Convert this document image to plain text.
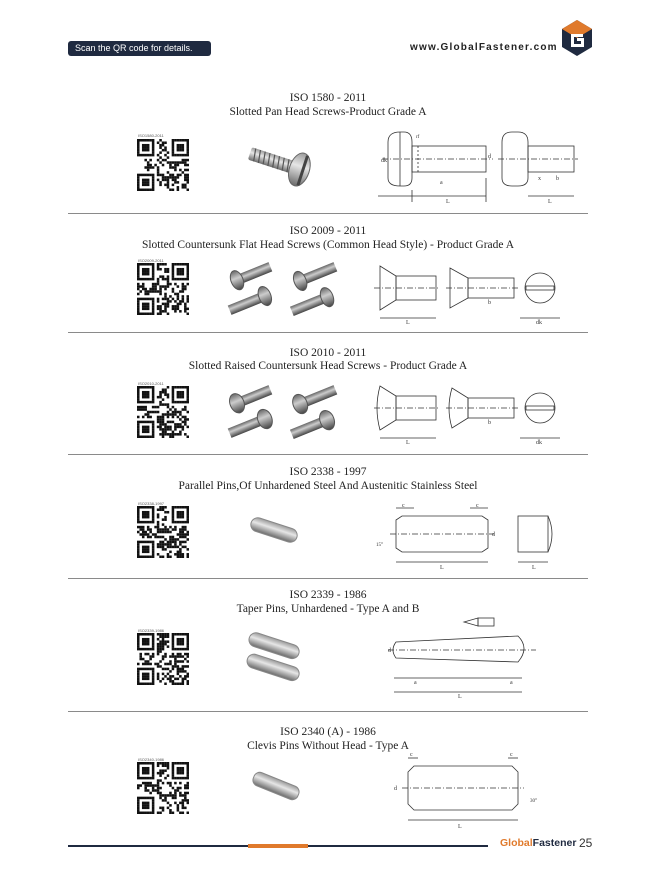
Scan the QR code for details.	www.GlobalFastener.com
ISO 1580 - 2011
Slotted Pan Head Screws-Product Grade A
ISO 2009 - 2011
Slotted Countersunk Flat Head Screws (Common Head Style) - Product Grade A
ISO 2010 - 2011
Slotted Raised Countersunk Head Screws - Product Grade A
ISO 2338 - 1997
Parallel Pins,Of Unhardened Steel And Austenitic Stainless Steel
ISO 2339 - 1986
Taper Pins, Unhardened - Type A and B
ISO 2340 (A) - 1986
Clevis Pins Without Head - Type A
ISO1580-2011
ISO2009-2011
ISO2010-2011
ISO2338-1997
ISO2339-1986
ISO2340-1986
a
L
dk
d
x	b
L
rf
L
b
dk
L
b
dk
L
d
c	c
15°
L
a	a
L
d
L
d
c	c
30°
GlobalFastener 25
